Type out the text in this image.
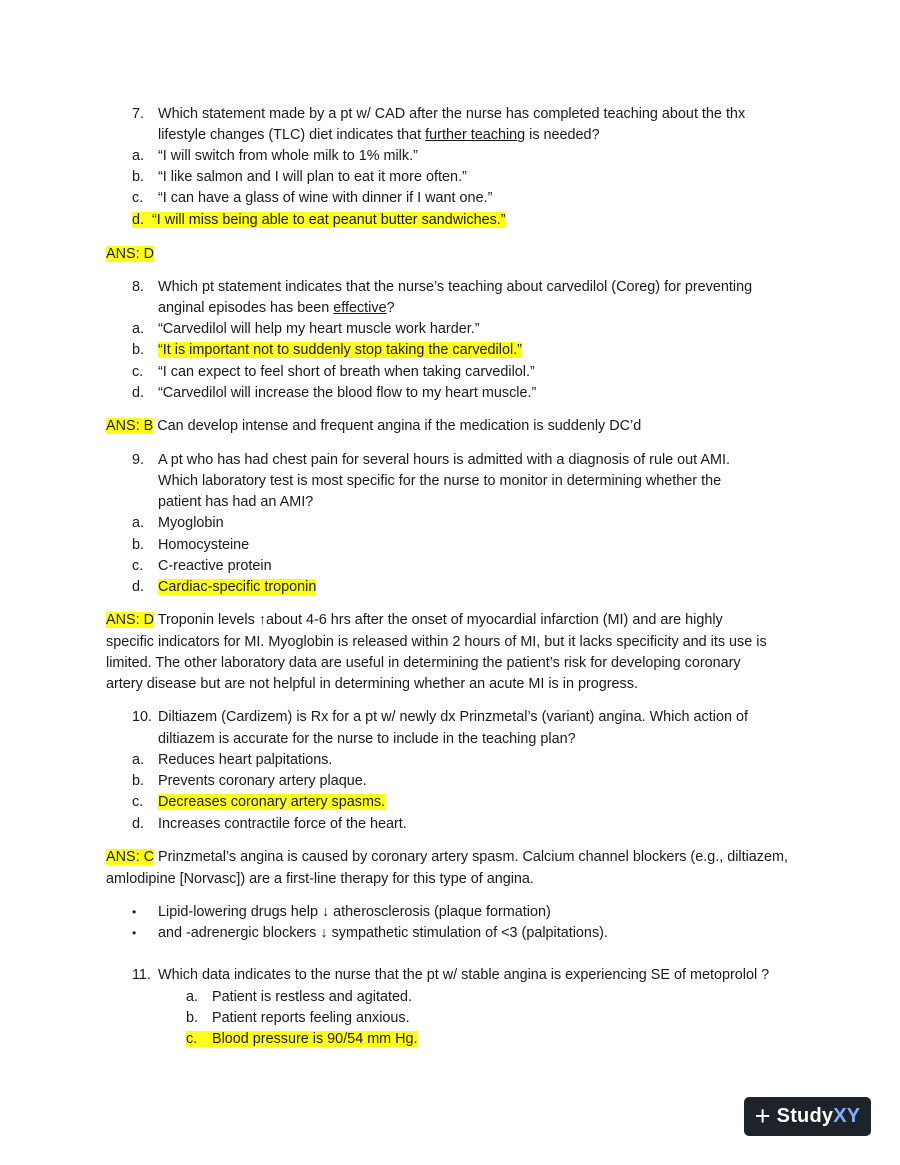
7. Which statement made by a pt w/ CAD after the nurse has completed teaching about the thx
lifestyle changes (TLC) diet indicates that further teaching is needed?
a. “I will switch from whole milk to 1% milk.”
b. “I like salmon and I will plan to eat it more often.”
c. “I can have a glass of wine with dinner if I want one.”
d. “I will miss being able to eat peanut butter sandwiches.”
ANS: D
8. Which pt statement indicates that the nurse’s teaching about carvedilol (Coreg) for preventing
anginal episodes has been effective?
a. “Carvedilol will help my heart muscle work harder.”
b. “It is important not to suddenly stop taking the carvedilol.”
c. “I can expect to feel short of breath when taking carvedilol.”
d. “Carvedilol will increase the blood flow to my heart muscle.”
ANS: B Can develop intense and frequent angina if the medication is suddenly DC’d
9. A pt who has had chest pain for several hours is admitted with a diagnosis of rule out AMI.
Which laboratory test is most specific for the nurse to monitor in determining whether the
patient has had an AMI?
a. Myoglobin
b. Homocysteine
c. C-reactive protein
d. Cardiac-specific troponin
ANS: D Troponin levels ↑about 4-6 hrs after the onset of myocardial infarction (MI) and are highly
specific indicators for MI. Myoglobin is released within 2 hours of MI, but it lacks specificity and its use is
limited. The other laboratory data are useful in determining the patient’s risk for developing coronary
artery disease but are not helpful in determining whether an acute MI is in progress.
10. Diltiazem (Cardizem) is Rx for a pt w/ newly dx Prinzmetal’s (variant) angina. Which action of
diltiazem is accurate for the nurse to include in the teaching plan?
a. Reduces heart palpitations.
b. Prevents coronary artery plaque.
c. Decreases coronary artery spasms.
d. Increases contractile force of the heart.
ANS: C Prinzmetal’s angina is caused by coronary artery spasm. Calcium channel blockers (e.g., diltiazem,
amlodipine [Norvasc]) are a first-line therapy for this type of angina.
• Lipid-lowering drugs help ↓ atherosclerosis (plaque formation)
• and -adrenergic blockers ↓ sympathetic stimulation of <3 (palpitations).
11. Which data indicates to the nurse that the pt w/ stable angina is experiencing SE of metoprolol ?
a. Patient is restless and agitated.
b. Patient reports feeling anxious.
c. Blood pressure is 90/54 mm Hg.
+ StudyXY
